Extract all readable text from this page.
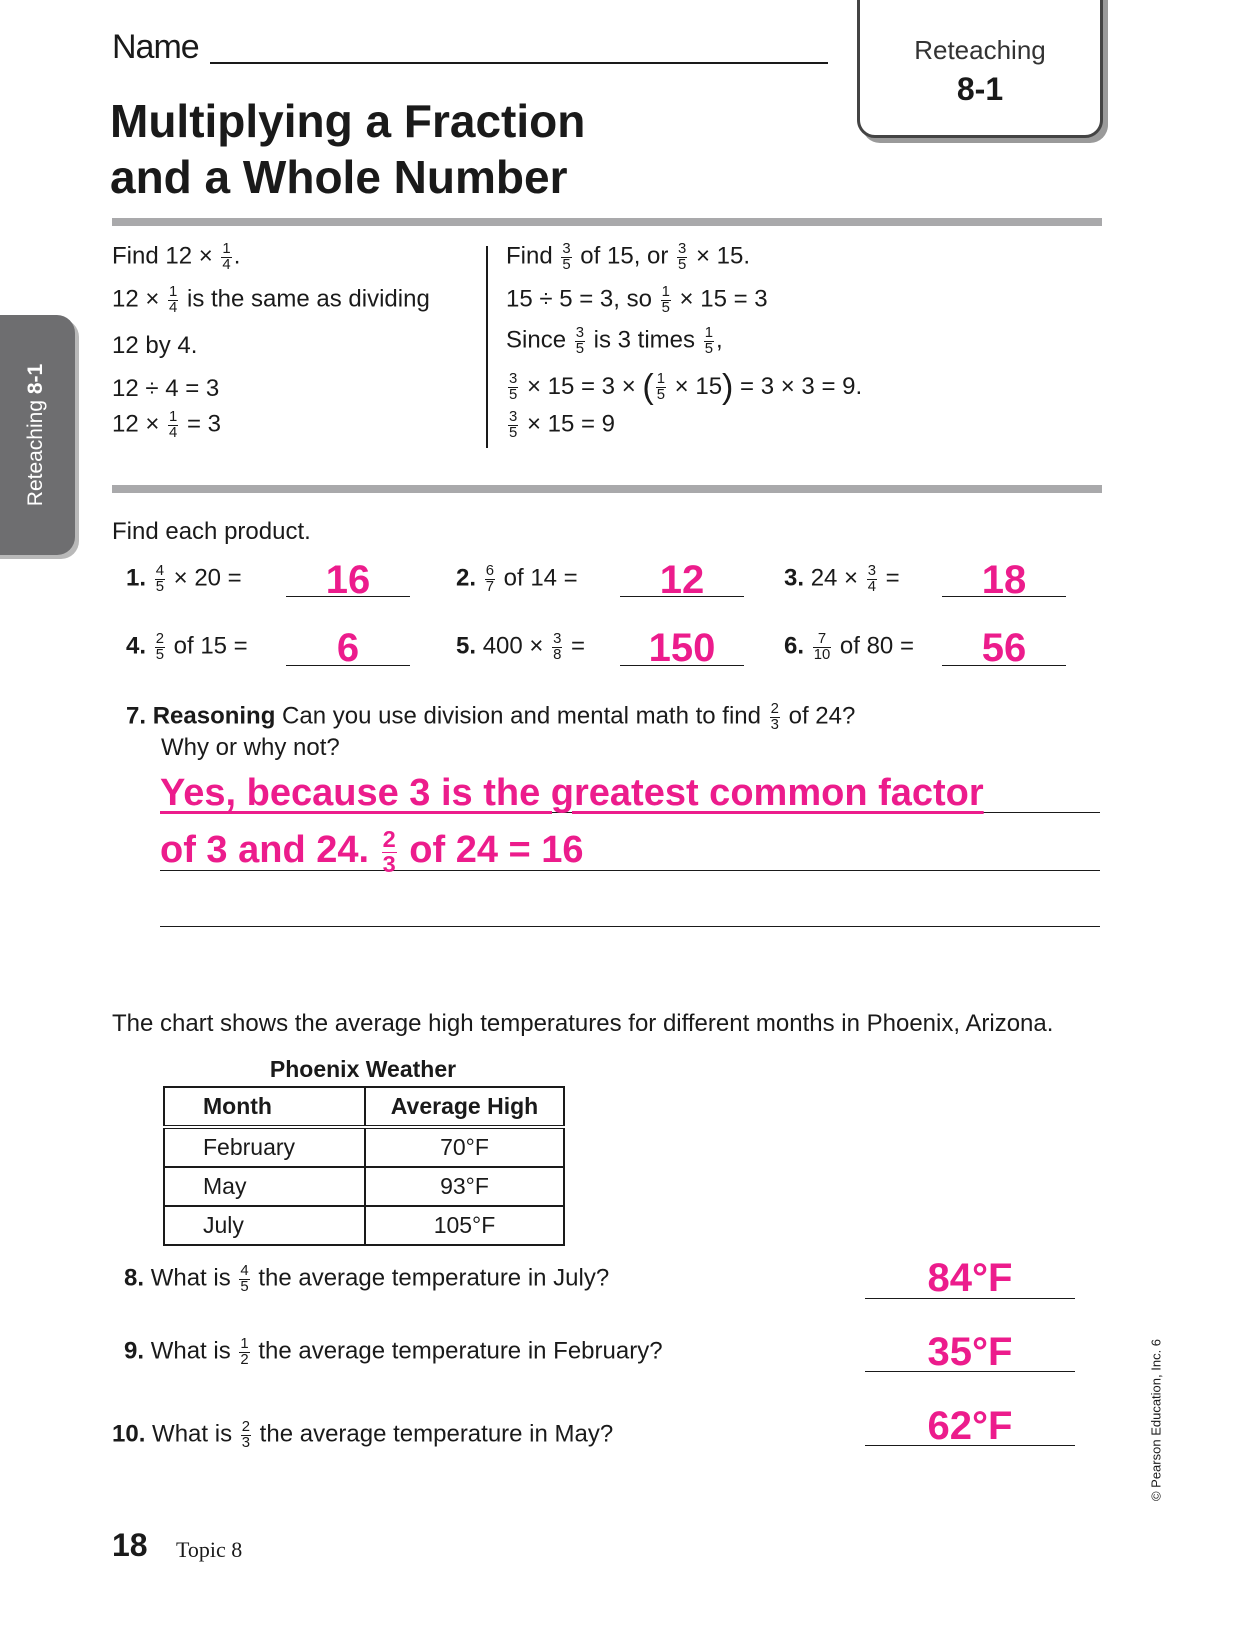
Name	Reteaching
8-1
Multiplying a Fraction
and a Whole Number
Reteaching 8-1
Find $12 \times \frac{1}{4}$ .
$12 \times \frac{1}{4}$ is the same as dividing
12 by 4.
12 ÷ 4 = 3
$12 \times \frac{1}{4} = 3$
Find $\frac{3}{5}$ of 15, or $\frac{3}{5} \times 15$.
15 ÷ 5 = 3, so $\frac{1}{5} \times 15 = 3$
Since $\frac{3}{5}$ is 3 times $\frac{1}{5}$ ,
$\frac{3}{5} \times 15 = 3$ × ( $\frac{1}{5} \times 15) = 3 \times 3 = 9$.
$\frac{3}{5} \times 15 = 9$
Find each product.
1. $\frac{4}{5} \times 20$ =	16	2. $\frac{6}{7}$ of 14 =	12	3. $24 \times \frac{3}{4}$ =	18
4. $\frac{2}{5}$ of 15 =	6	5. $400 \times \frac{3}{8}$ =	150	6. $\frac{7}{10}$ of 80 =	56
7. Reasoning Can you use division and mental math to find $\frac{2}{3}$ of 24?
Why or why not?
Yes, because 3 is the greatest common factor
of 3 and 24. $\frac{2}{3}$ of 24 = 16
The chart shows the average high temperatures for different months in Phoenix, Arizona.
Phoenix Weather
Month	Average High
February	70°F
May	93°F
July	105°F
8. What is $\frac{4}{5}$ the average temperature in July?	84°F
9. What is $\frac{1}{2}$ the average temperature in February?	35°F
10. What is $\frac{2}{3}$ the average temperature in May?	62°F
18 Topic 8
© Pearson Education, Inc. 6
